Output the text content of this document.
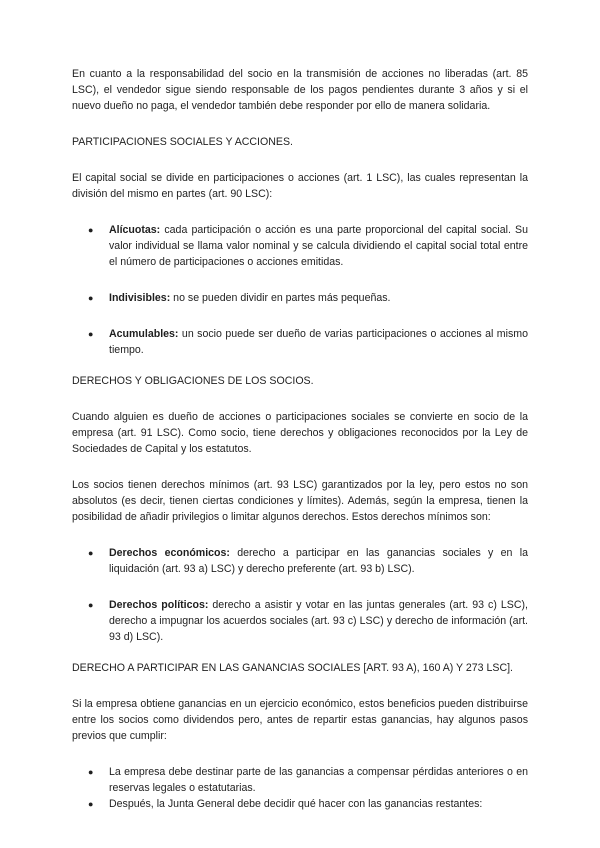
En cuanto a la responsabilidad del socio en la transmisión de acciones no liberadas (art. 85 LSC), el vendedor sigue siendo responsable de los pagos pendientes durante 3 años y si el nuevo dueño no paga, el vendedor también debe responder por ello de manera solidaria.

PARTICIPACIONES SOCIALES Y ACCIONES.

El capital social se divide en participaciones o acciones (art. 1 LSC), las cuales representan la división del mismo en partes (art. 90 LSC):

● Alícuotas: cada participación o acción es una parte proporcional del capital social. Su valor individual se llama valor nominal y se calcula dividiendo el capital social total entre el número de participaciones o acciones emitidas.
● Indivisibles: no se pueden dividir en partes más pequeñas.
● Acumulables: un socio puede ser dueño de varias participaciones o acciones al mismo tiempo.

DERECHOS Y OBLIGACIONES DE LOS SOCIOS.

Cuando alguien es dueño de acciones o participaciones sociales se convierte en socio de la empresa (art. 91 LSC). Como socio, tiene derechos y obligaciones reconocidos por la Ley de Sociedades de Capital y los estatutos.

Los socios tienen derechos mínimos (art. 93 LSC) garantizados por la ley, pero estos no son absolutos (es decir, tienen ciertas condiciones y límites). Además, según la empresa, tienen la posibilidad de añadir privilegios o limitar algunos derechos. Estos derechos mínimos son:

● Derechos económicos: derecho a participar en las ganancias sociales y en la liquidación (art. 93 a) LSC) y derecho preferente (art. 93 b) LSC).
● Derechos políticos: derecho a asistir y votar en las juntas generales (art. 93 c) LSC), derecho a impugnar los acuerdos sociales (art. 93 c) LSC) y derecho de información (art. 93 d) LSC).

DERECHO A PARTICIPAR EN LAS GANANCIAS SOCIALES [ART. 93 A), 160 A) Y 273 LSC].

Si la empresa obtiene ganancias en un ejercicio económico, estos beneficios pueden distribuirse entre los socios como dividendos pero, antes de repartir estas ganancias, hay algunos pasos previos que cumplir:

● La empresa debe destinar parte de las ganancias a compensar pérdidas anteriores o en reservas legales o estatutarias.
● Después, la Junta General debe decidir qué hacer con las ganancias restantes:
